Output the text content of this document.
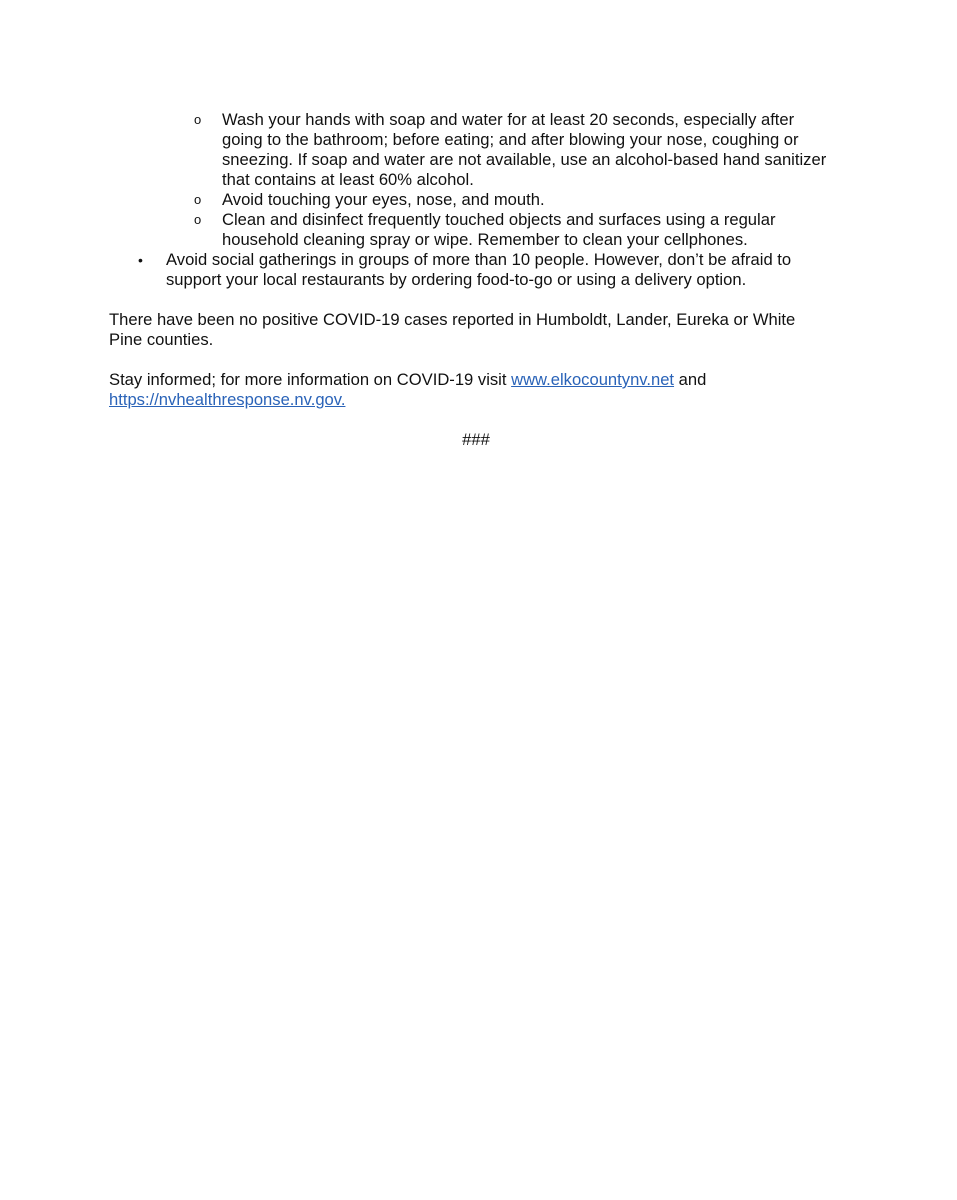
o Wash your hands with soap and water for at least 20 seconds, especially after going to the bathroom; before eating; and after blowing your nose, coughing or sneezing. If soap and water are not available, use an alcohol-based hand sanitizer that contains at least 60% alcohol.
o Avoid touching your eyes, nose, and mouth.
o Clean and disinfect frequently touched objects and surfaces using a regular household cleaning spray or wipe. Remember to clean your cellphones.
• Avoid social gatherings in groups of more than 10 people. However, don’t be afraid to support your local restaurants by ordering food-to-go or using a delivery option.

There have been no positive COVID-19 cases reported in Humboldt, Lander, Eureka or White Pine counties.

Stay informed; for more information on COVID-19 visit www.elkocountynv.net and
https://nvhealthresponse.nv.gov.

###
